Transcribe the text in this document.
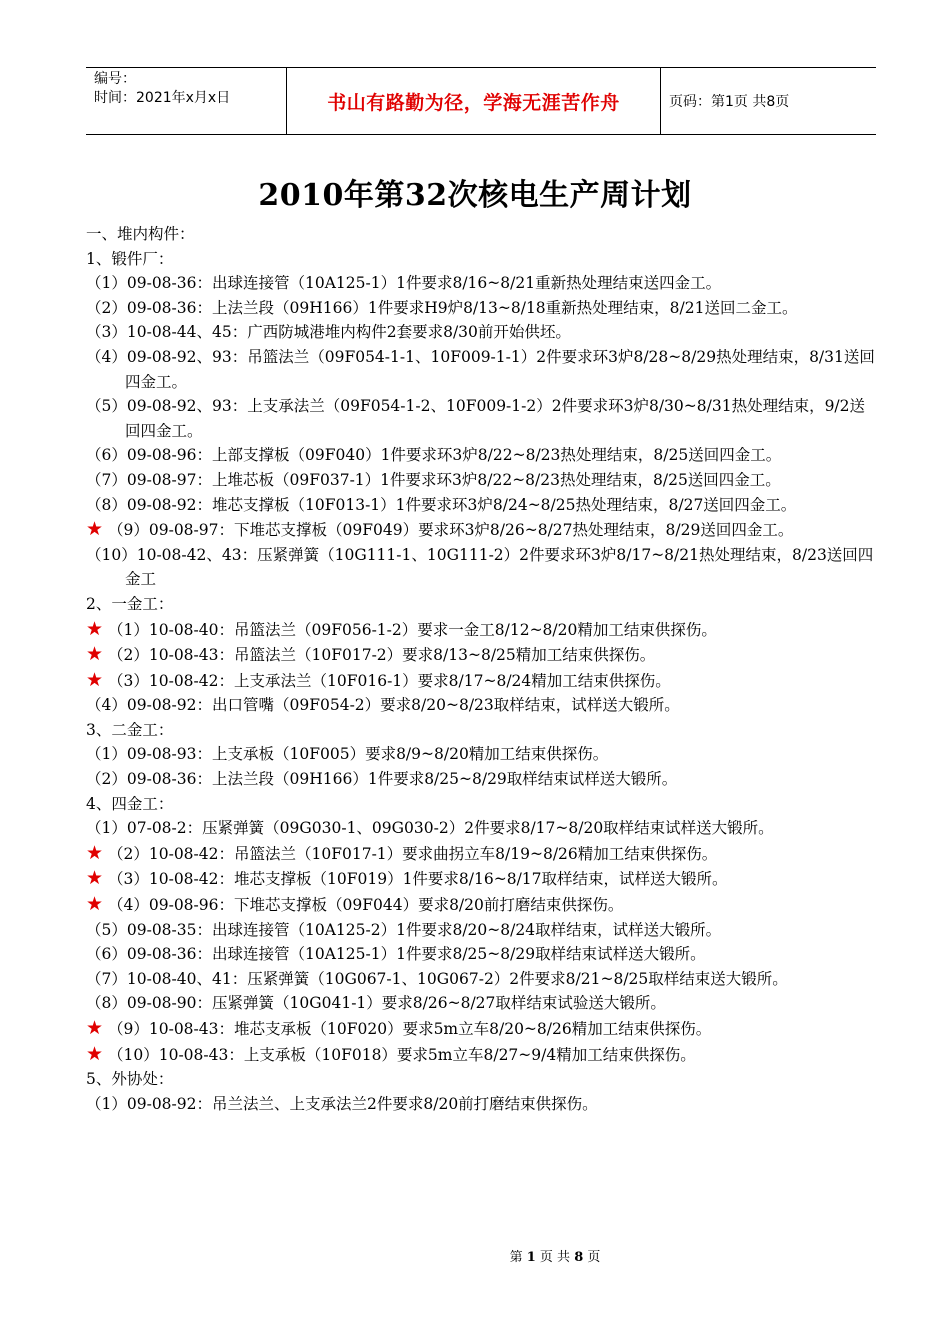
编号：
时间：2021年x月x日	书山有路勤为径，学海无涯苦作舟	页码：第1页 共8页
2010年第32次核电生产周计划
一、堆内构件：
1、锻件厂：
（1）09-08-36：出球连接管（10A125-1）1件要求8/16~8/21重新热处理结束送四金工。
（2）09-08-36：上法兰段（09H166）1件要求H9炉8/13~8/18重新热处理结束，8/21送回二金工。
（3）10-08-44、45：广西防城港堆内构件2套要求8/30前开始供坯。
（4）09-08-92、93：吊篮法兰（09F054-1-1、10F009-1-1）2件要求环3炉8/28~8/29热处理结束，8/31送回四金工。
（5）09-08-92、93：上支承法兰（09F054-1-2、10F009-1-2）2件要求环3炉8/30~8/31热处理结束，9/2送回四金工。
（6）09-08-96：上部支撑板（09F040）1件要求环3炉8/22~8/23热处理结束，8/25送回四金工。
（7）09-08-97：上堆芯板（09F037-1）1件要求环3炉8/22~8/23热处理结束，8/25送回四金工。
（8）09-08-92：堆芯支撑板（10F013-1）1件要求环3炉8/24~8/25热处理结束，8/27送回四金工。
★ （9）09-08-97：下堆芯支撑板（09F049）要求环3炉8/26~8/27热处理结束，8/29送回四金工。
（10）10-08-42、43：压紧弹簧（10G111-1、10G111-2）2件要求环3炉8/17~8/21热处理结束，8/23送回四金工
2、一金工：
★ （1）10-08-40：吊篮法兰（09F056-1-2）要求一金工8/12~8/20精加工结束供探伤。
★ （2）10-08-43：吊篮法兰（10F017-2）要求8/13~8/25精加工结束供探伤。
★ （3）10-08-42：上支承法兰（10F016-1）要求8/17~8/24精加工结束供探伤。
（4）09-08-92：出口管嘴（09F054-2）要求8/20~8/23取样结束，试样送大锻所。
3、二金工：
（1）09-08-93：上支承板（10F005）要求8/9~8/20精加工结束供探伤。
（2）09-08-36：上法兰段（09H166）1件要求8/25~8/29取样结束试样送大锻所。
4、四金工：
（1）07-08-2：压紧弹簧（09G030-1、09G030-2）2件要求8/17~8/20取样结束试样送大锻所。
★ （2）10-08-42：吊篮法兰（10F017-1）要求曲拐立车8/19~8/26精加工结束供探伤。
★ （3）10-08-42：堆芯支撑板（10F019）1件要求8/16~8/17取样结束，试样送大锻所。
★ （4）09-08-96：下堆芯支撑板（09F044）要求8/20前打磨结束供探伤。
（5）09-08-35：出球连接管（10A125-2）1件要求8/20~8/24取样结束，试样送大锻所。
（6）09-08-36：出球连接管（10A125-1）1件要求8/25~8/29取样结束试样送大锻所。
（7）10-08-40、41：压紧弹簧（10G067-1、10G067-2）2件要求8/21~8/25取样结束送大锻所。
（8）09-08-90：压紧弹簧（10G041-1）要求8/26~8/27取样结束试验送大锻所。
★ （9）10-08-43：堆芯支承板（10F020）要求5m立车8/20~8/26精加工结束供探伤。
★ （10）10-08-43：上支承板（10F018）要求5m立车8/27~9/4精加工结束供探伤。
5、外协处：
（1）09-08-92：吊兰法兰、上支承法兰2件要求8/20前打磨结束供探伤。
第 1 页 共 8 页
